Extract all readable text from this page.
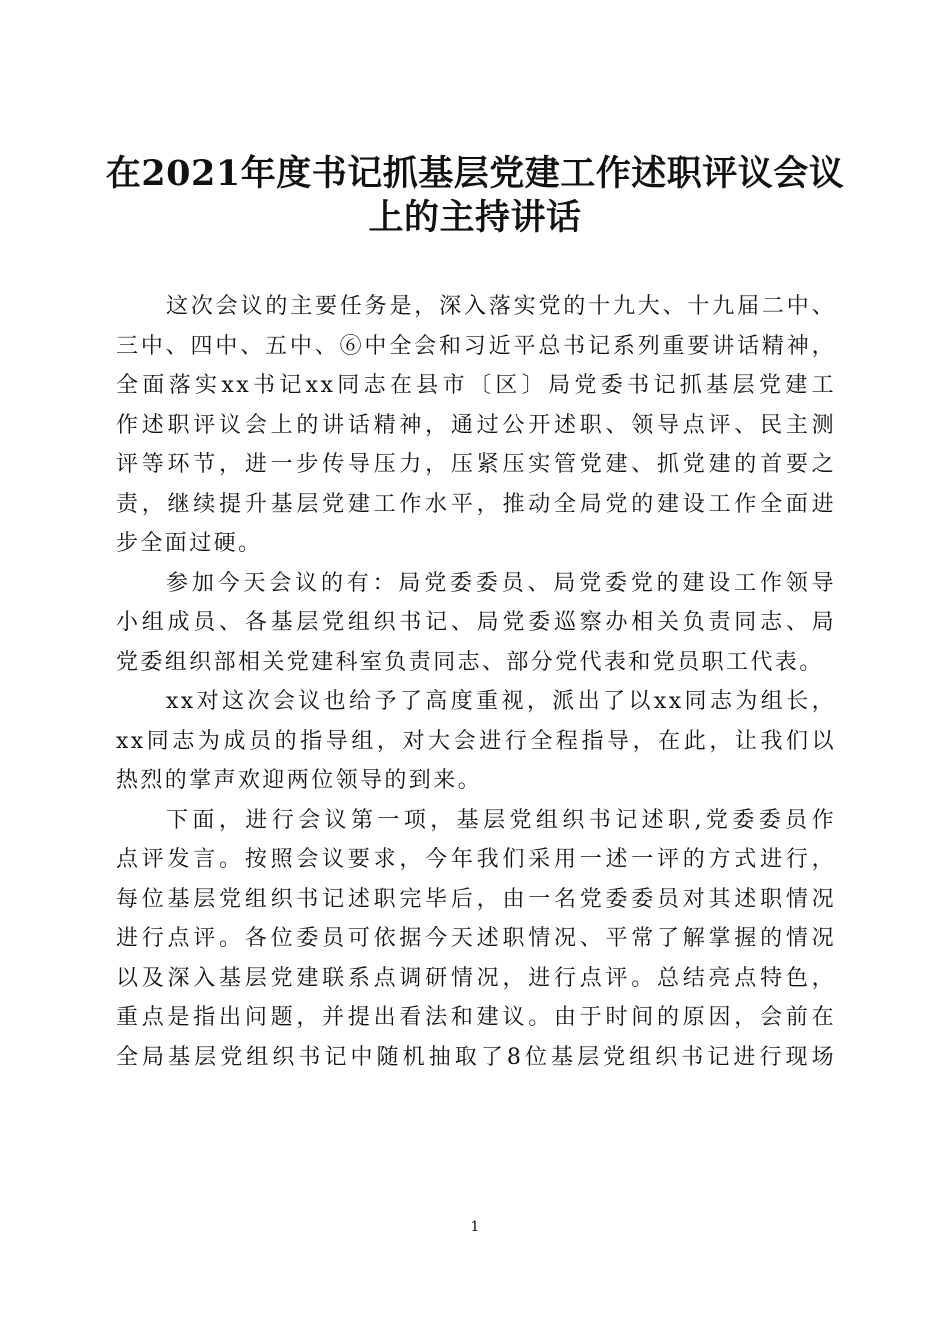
在2021年度书记抓基层党建工作述职评议会议
上的主持讲话

这次会议的主要任务是，深入落实党的十九大、十九届二中、
三中、四中、五中、⑥中全会和习近平总书记系列重要讲话精神，
全面落实xx书记xx同志在县市〔区〕局党委书记抓基层党建工
作述职评议会上的讲话精神，通过公开述职、领导点评、民主测
评等环节，进一步传导压力，压紧压实管党建、抓党建的首要之
责，继续提升基层党建工作水平，推动全局党的建设工作全面进
步全面过硬。

参加今天会议的有：局党委委员、局党委党的建设工作领导
小组成员、各基层党组织书记、局党委巡察办相关负责同志、局
党委组织部相关党建科室负责同志、部分党代表和党员职工代表。

xx对这次会议也给予了高度重视，派出了以xx同志为组长，
xx同志为成员的指导组，对大会进行全程指导，在此，让我们以
热烈的掌声欢迎两位领导的到来。

下面，进行会议第一项，基层党组织书记述职,党委委员作
点评发言。按照会议要求，今年我们采用一述一评的方式进行，
每位基层党组织书记述职完毕后，由一名党委委员对其述职情况
进行点评。各位委员可依据今天述职情况、平常了解掌握的情况
以及深入基层党建联系点调研情况，进行点评。总结亮点特色，
重点是指出问题，并提出看法和建议。由于时间的原因，会前在
全局基层党组织书记中随机抽取了8位基层党组织书记进行现场

1
